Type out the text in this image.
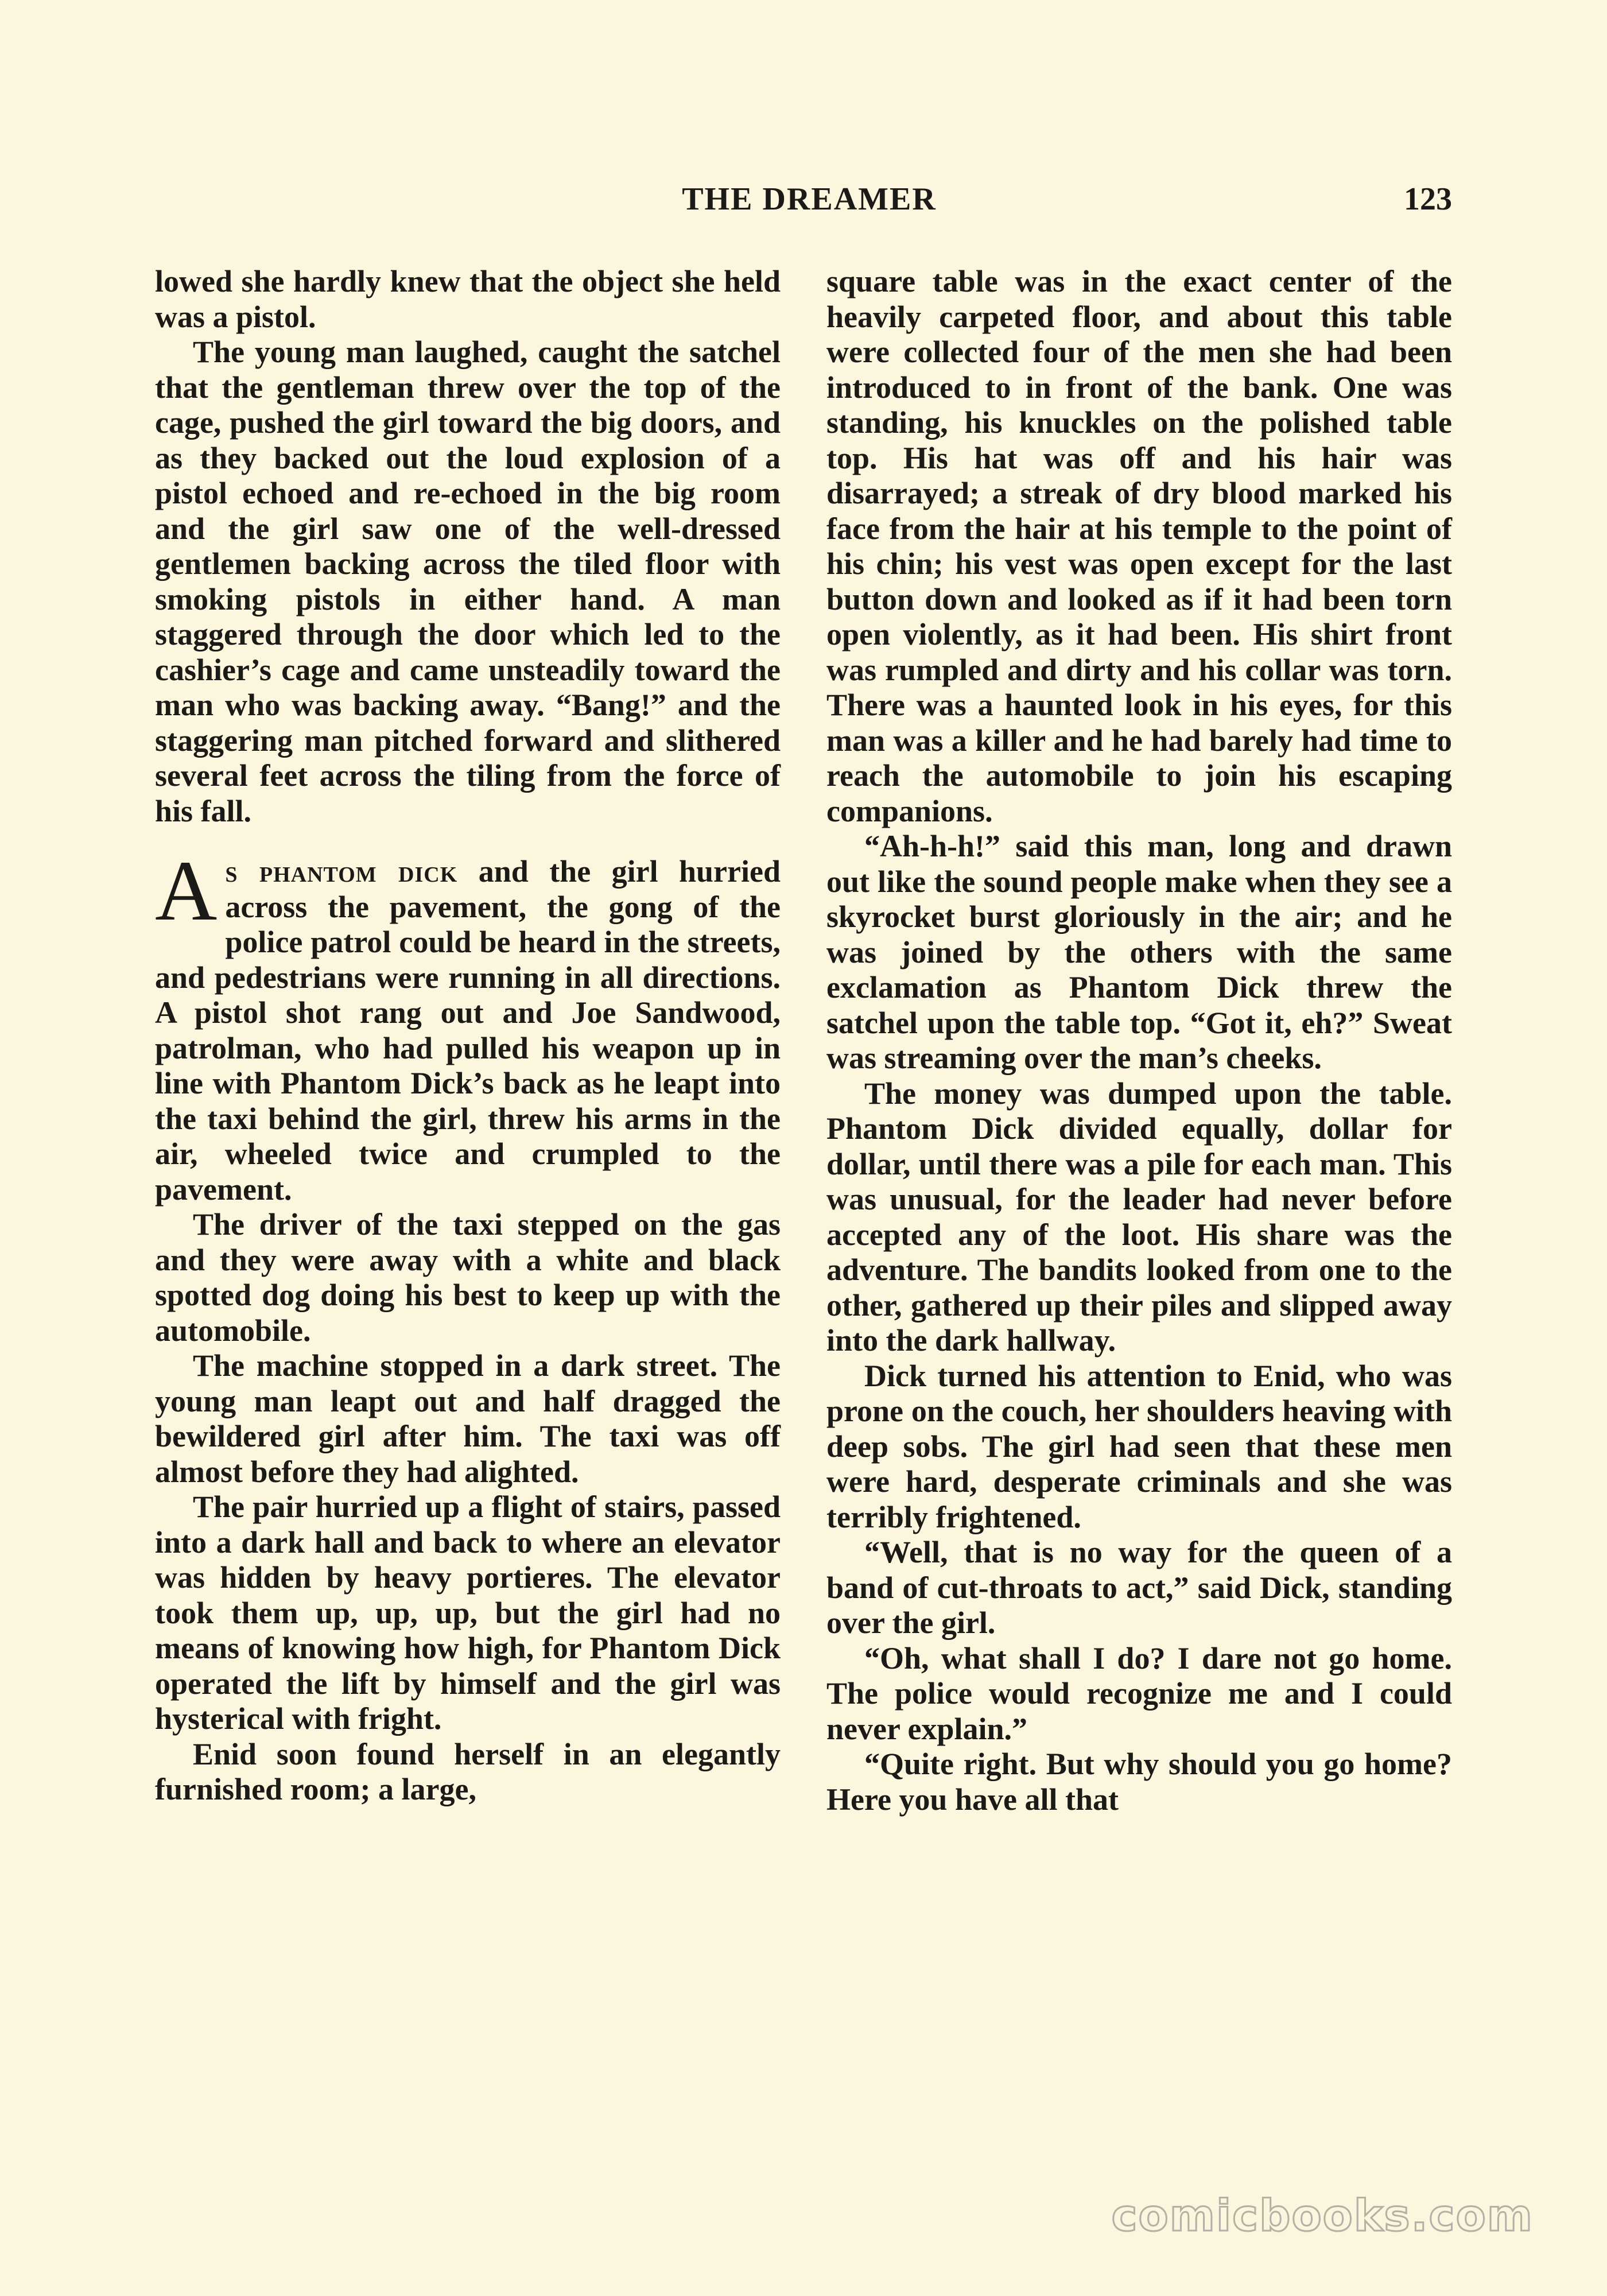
THE DREAMER	123

lowed she hardly knew that the object she held was a pistol.

The young man laughed, caught the satchel that the gentleman threw over the top of the cage, pushed the girl toward the big doors, and as they backed out the loud explosion of a pistol echoed and re-echoed in the big room and the girl saw one of the well-dressed gentlemen backing across the tiled floor with smoking pistols in either hand. A man staggered through the door which led to the cashier’s cage and came unsteadily toward the man who was backing away. “Bang!” and the staggering man pitched forward and slithered several feet across the tiling from the force of his fall.

As phantom dick and the girl hurried across the pavement, the gong of the police patrol could be heard in the streets, and pedestrians were running in all directions. A pistol shot rang out and Joe Sandwood, patrolman, who had pulled his weapon up in line with Phantom Dick’s back as he leapt into the taxi behind the girl, threw his arms in the air, wheeled twice and crumpled to the pavement.

The driver of the taxi stepped on the gas and they were away with a white and black spotted dog doing his best to keep up with the automobile.

The machine stopped in a dark street. The young man leapt out and half dragged the bewildered girl after him. The taxi was off almost before they had alighted.

The pair hurried up a flight of stairs, passed into a dark hall and back to where an elevator was hidden by heavy portieres. The elevator took them up, up, up, but the girl had no means of knowing how high, for Phantom Dick operated the lift by himself and the girl was hysterical with fright.

Enid soon found herself in an elegantly furnished room; a large,

square table was in the exact center of the heavily carpeted floor, and about this table were collected four of the men she had been introduced to in front of the bank. One was standing, his knuckles on the polished table top. His hat was off and his hair was disarrayed; a streak of dry blood marked his face from the hair at his temple to the point of his chin; his vest was open except for the last button down and looked as if it had been torn open violently, as it had been. His shirt front was rumpled and dirty and his collar was torn. There was a haunted look in his eyes, for this man was a killer and he had barely had time to reach the automobile to join his escaping companions.

“Ah-h-h!” said this man, long and drawn out like the sound people make when they see a skyrocket burst gloriously in the air; and he was joined by the others with the same exclamation as Phantom Dick threw the satchel upon the table top. “Got it, eh?” Sweat was streaming over the man’s cheeks.

The money was dumped upon the table. Phantom Dick divided equally, dollar for dollar, until there was a pile for each man. This was unusual, for the leader had never before accepted any of the loot. His share was the adventure. The bandits looked from one to the other, gathered up their piles and slipped away into the dark hallway.

Dick turned his attention to Enid, who was prone on the couch, her shoulders heaving with deep sobs. The girl had seen that these men were hard, desperate criminals and she was terribly frightened.

“Well, that is no way for the queen of a band of cut-throats to act,” said Dick, standing over the girl.

“Oh, what shall I do? I dare not go home. The police would recognize me and I could never explain.”

“Quite right. But why should you go home? Here you have all that

comicbooks.com
